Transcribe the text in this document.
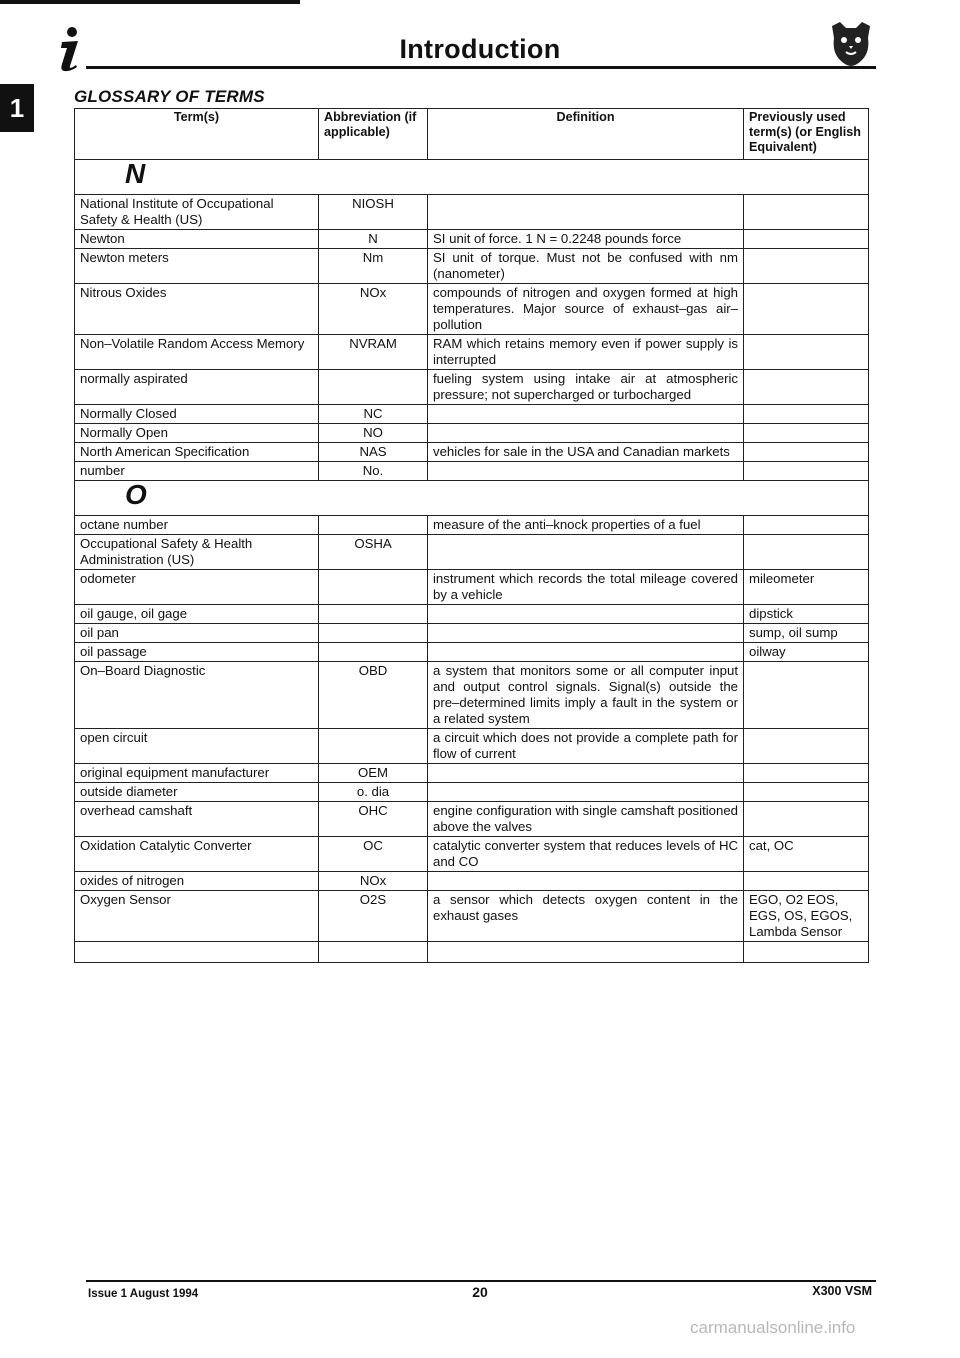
Introduction
1	GLOSSARY OF TERMS
Term(s)	Abbreviation (if applicable)	Definition	Previously used term(s) (or English Equivalent)
N			
National Institute of Occupational Safety & Health (US)	NIOSH		
Newton	N	SI unit of force. 1 N = 0.2248 pounds force	
Newton meters	Nm	SI unit of torque. Must not be confused with nm (nanometer)	
Nitrous Oxides	NOx	compounds of nitrogen and oxygen formed at high temperatures. Major source of exhaust–gas air–pollution	
Non–Volatile Random Access Memory	NVRAM	RAM which retains memory even if power supply is interrupted	
normally aspirated		fueling system using intake air at atmospheric pressure; not supercharged or turbocharged	
Normally Closed	NC		
Normally Open	NO		
North American Specification	NAS	vehicles for sale in the USA and Canadian markets	
number	No.		
O			
octane number		measure of the anti–knock properties of a fuel	
Occupational Safety & Health Administration (US)	OSHA		
odometer		instrument which records the total mileage covered by a vehicle	mileometer
oil gauge, oil gage			dipstick
oil pan			sump, oil sump
oil passage			oilway
On–Board Diagnostic	OBD	a system that monitors some or all computer input and output control signals. Signal(s) outside the pre–determined limits imply a fault in the system or a related system	
open circuit		a circuit which does not provide a complete path for flow of current	
original equipment manufacturer	OEM		
outside diameter	o. dia		
overhead camshaft	OHC	engine configuration with single camshaft positioned above the valves	
Oxidation Catalytic Converter	OC	catalytic converter system that reduces levels of HC and CO	cat, OC
oxides of nitrogen	NOx		
Oxygen Sensor	O2S	a sensor which detects oxygen content in the exhaust gases	EGO, O2 EOS, EGS, OS, EGOS, Lambda Sensor

Issue 1 August 1994	20	X300 VSM
carmanualsonline.info
